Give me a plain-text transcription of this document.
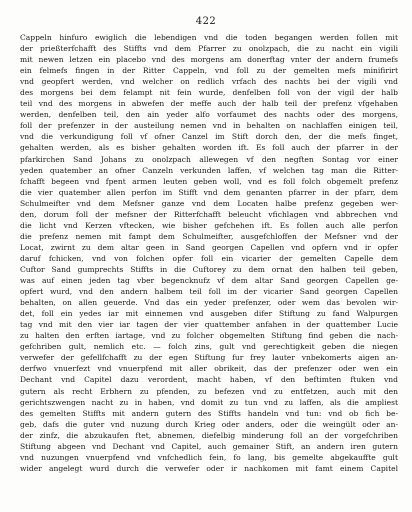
422
Cappeln hinfuro ewiglich die lebendigen vnd die toden begangen werden follen mit
der prießterfchafft des Stiffts vnd dem Pfarrer zu onolzpach, die zu nacht ein vigili
mit newen letzen ein placebo vnd des morgens am donerftag vnter der andern frumefs
ein felmefs fingen in der Ritter Cappeln, vnd foll zu der gemelten mefs minifirirt
vnd geopfert werden, vnd welcher on redlich vrfach des nachts bei der vigili vnd
des morgens bei dem felampt nit fein wurde, denfelben foll von der vigil der halb
teil vnd des morgens in abwefen der meffe auch der halb teil der prefenz vfgehaben
werden, denfelben teil, den ain yeder alfo vorfaumet des nachts oder des morgens,
foll der prefenzer in der austeilung nemen vnd in behalten on nachlaffen einigen teil,
vnd die verkundigung foll vf ofner Canzel im Stift dorch den, der die mefs finget,
gehalten werden, als es bisher gehalten worden ift. Es foll auch der pfarrer in der
pfarkirchen Sand Johans zu onolzpach allewegen vf den negften Sontag vor einer
yeden quatember an ofner Canzeln verkunden laffen, vf welchen tag man die Ritter-
fchafft begeen vnd fpent armen leuten geben woll, vnd es foll folch obgemelt prefenz
die vier quatember allen perfon im Stifft vnd dem genanten pfarrer in der pfarr, dem
Schulmeifter vnd dem Mefsner ganze vnd dem Locaten halbe prefenz gegeben wer-
den, dorum foll der mefsner der Ritterfchafft beleucht vfichlagen vnd abbrechen vnd
die licht vnd Kerzen vftecken, wie bisher gefchehen ift. Es follen auch alle perfon
die prefenz nemen mit fampt dem Schulmeifter, ausgefchloffen der Mefsner vnd der
Locat, zwirnt zu dem altar geen in Sand georgen Capellen vnd opfern vnd ir opfer
daruf fchicken, vnd von folchen opfer foll ein vicarier der gemelten Capelle dem
Cuftor Sand gumprechts Stiffts in die Cuftorey zu dem ornat den halben teil geben,
was auf einen jeden tag vber begencknufz vf dem altar Sand georgen Capellen ge-
opfert wurd, vnd den andern halbem teil foll im der vicarier Sand georgen Capellen
behalten, on allen geuerde. Vnd das ein yeder prefenzer, oder wem das bevolen wir-
det, foll ein yedes iar mit einnemen vnd ausgeben difer Stiftung zu fand Walpurgen
tag vnd mit den vier iar tagen der vier quattember anfahen in der quattember Lucie
zu halten den erften iartage, vnd zu folcher obgemelten Stiftung find geben die nach-
gefchriben gult, nemlich etc. — folch zins, gult vnd gerechtigkeit geben die niegen
verwefer der gefellfchafft zu der egen Stiftung fur frey lauter vnbekomerts aigen an-
derfwo vnuerfezt vnd vnuerpfend mit aller obrikeit, das der prefenzer oder wen ein
Dechant vnd Capitel dazu verordent, macht haben, vf den beftimten ftuken vnd
gutern als recht Erbhern zu pfenden, zu befezen vnd zu entfetzen, auch mit den
gerichtszwengen nacht zu in haben, vnd domit zu tun vnd zu laffen, als die ampliest
des gemelten Stiffts mit andern gutern des Stiffts handeln vnd tun: vnd ob fich be-
geb, dafs die guter vnd nuzung durch Krieg oder anders, oder die weingült oder an-
der zinfz, die abzukaufen ftet, abnemen, diefelbig minderung foll an der vorgefchriben
Stiftung abgeen vnd Dechant vnd Capitel, auch gemainer Stift, an andern iren gutern
vnd nuzungen vnuerpfend vnd vnfchedlich fein, fo lang, bis gemelte abgekauffte gult
wider angelegt wurd durch die verwefer oder ir nachkomen mit famt einem Capitel
